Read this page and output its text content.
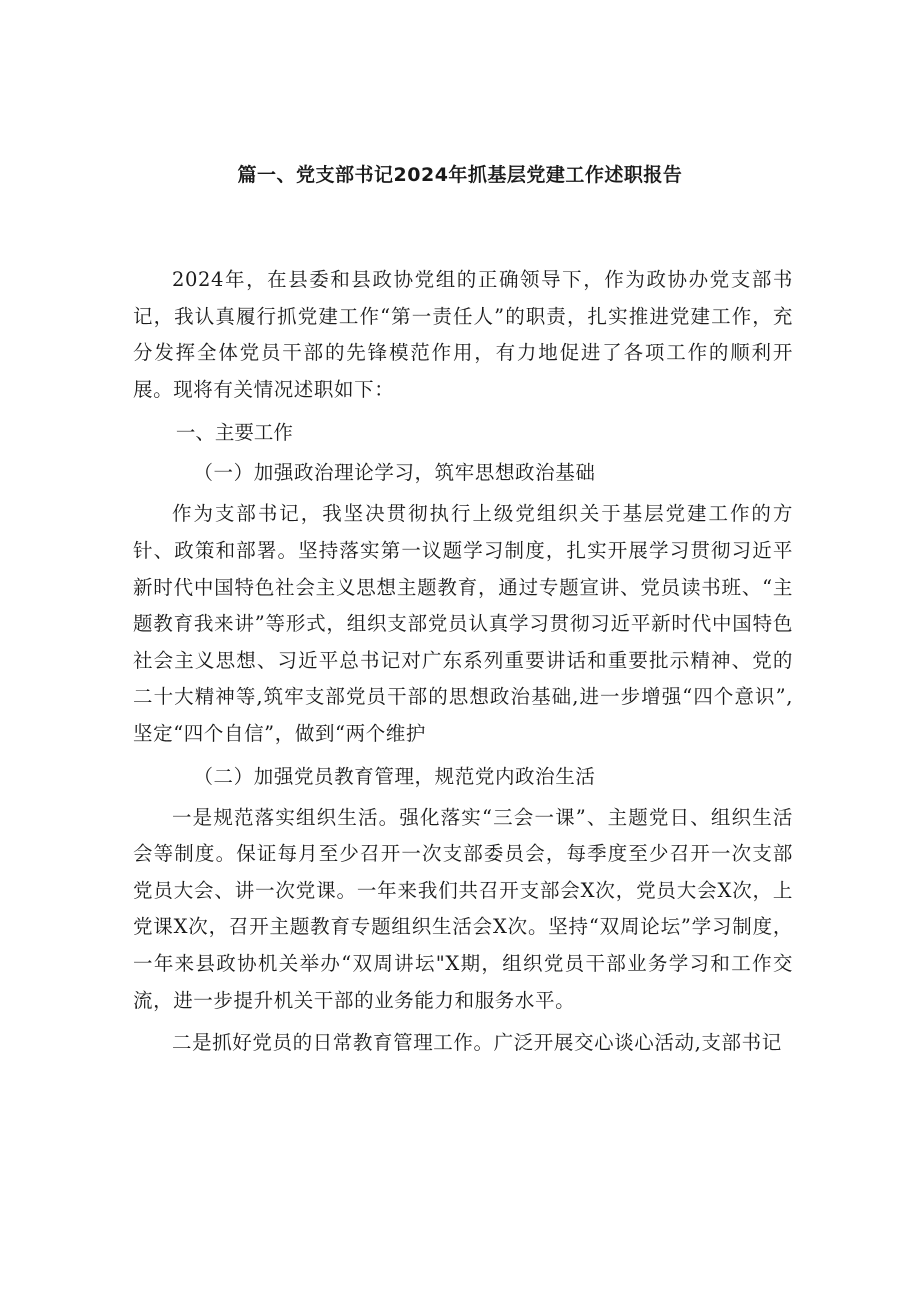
篇一、党支部书记2024年抓基层党建工作述职报告

2024年，在县委和县政协党组的正确领导下，作为政协办党支部书记，我认真履行抓党建工作“第一责任人”的职责，扎实推进党建工作，充分发挥全体党员干部的先锋模范作用，有力地促进了各项工作的顺利开展。现将有关情况述职如下：

一、主要工作
（一）加强政治理论学习，筑牢思想政治基础

作为支部书记，我坚决贯彻执行上级党组织关于基层党建工作的方针、政策和部署。坚持落实第一议题学习制度，扎实开展学习贯彻习近平新时代中国特色社会主义思想主题教育，通过专题宣讲、党员读书班、“主题教育我来讲”等形式，组织支部党员认真学习贯彻习近平新时代中国特色社会主义思想、习近平总书记对广东系列重要讲话和重要批示精神、党的二十大精神等,筑牢支部党员干部的思想政治基础,进一步增强“四个意识”,坚定“四个自信”，做到“两个维护

（二）加强党员教育管理，规范党内政治生活

一是规范落实组织生活。强化落实“三会一课”、主题党日、组织生活会等制度。保证每月至少召开一次支部委员会，每季度至少召开一次支部党员大会、讲一次党课。一年来我们共召开支部会X次，党员大会X次，上党课X次，召开主题教育专题组织生活会X次。坚持“双周论坛”学习制度，一年来县政协机关举办“双周讲坛"X期，组织党员干部业务学习和工作交流，进一步提升机关干部的业务能力和服务水平。

二是抓好党员的日常教育管理工作。广泛开展交心谈心活动,支部书记
